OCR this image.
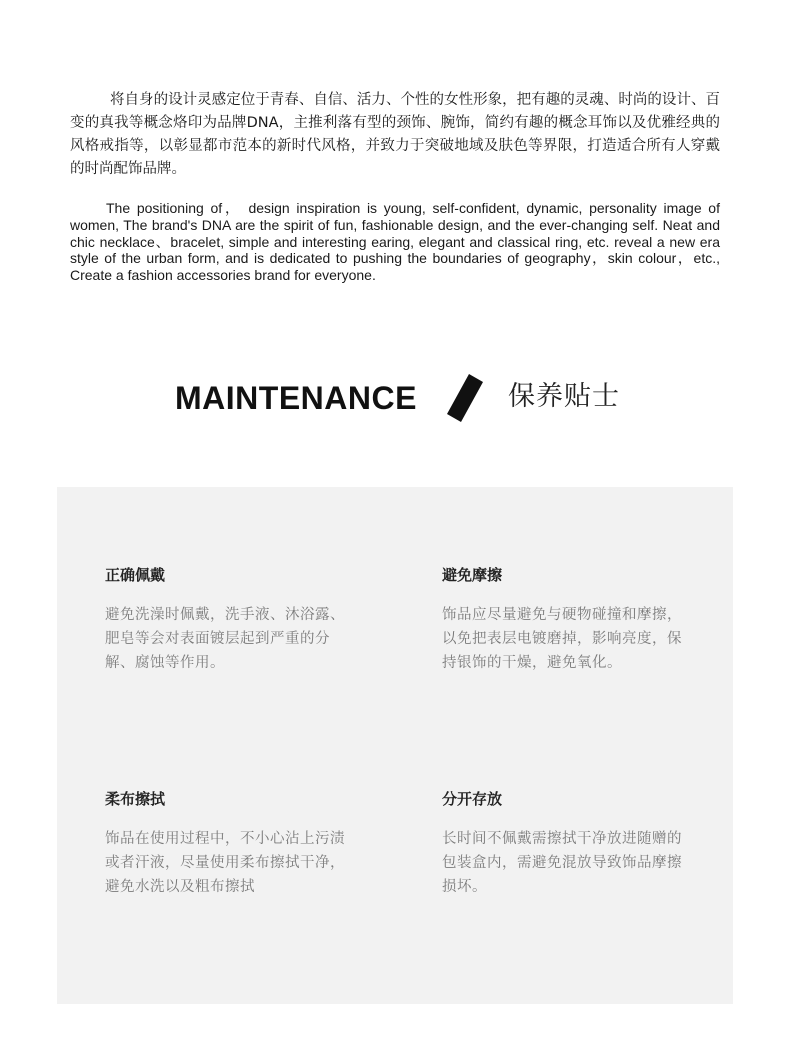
将自身的设计灵感定位于青春、自信、活力、个性的女性形象，把有趣的灵魂、时尚的设计、百变的真我等概念烙印为品牌DNA，主推利落有型的颈饰、腕饰，简约有趣的概念耳饰以及优雅经典的风格戒指等，以彰显都市范本的新时代风格，并致力于突破地域及肤色等界限，打造适合所有人穿戴的时尚配饰品牌。

The positioning of， design inspiration is young, self-confident, dynamic, personality image of women, The brand's DNA are the spirit of fun, fashionable design, and the ever-changing self. Neat and chic necklace、bracelet, simple and interesting earing, elegant and classical ring, etc. reveal a new era style of the urban form, and is dedicated to pushing the boundaries of geography，skin colour，etc., Create a fashion accessories brand for everyone.

MAINTENANCE	保养贴士

正确佩戴

避免洗澡时佩戴，洗手液、沐浴露、肥皂等会对表面镀层起到严重的分解、腐蚀等作用。

避免摩擦

饰品应尽量避免与硬物碰撞和摩擦，以免把表层电镀磨掉，影响亮度，保持银饰的干燥，避免氧化。

柔布擦拭

饰品在使用过程中，不小心沾上污渍或者汗液，尽量使用柔布擦拭干净，避免水洗以及粗布擦拭

分开存放

长时间不佩戴需擦拭干净放进随赠的包装盒内，需避免混放导致饰品摩擦损坏。
